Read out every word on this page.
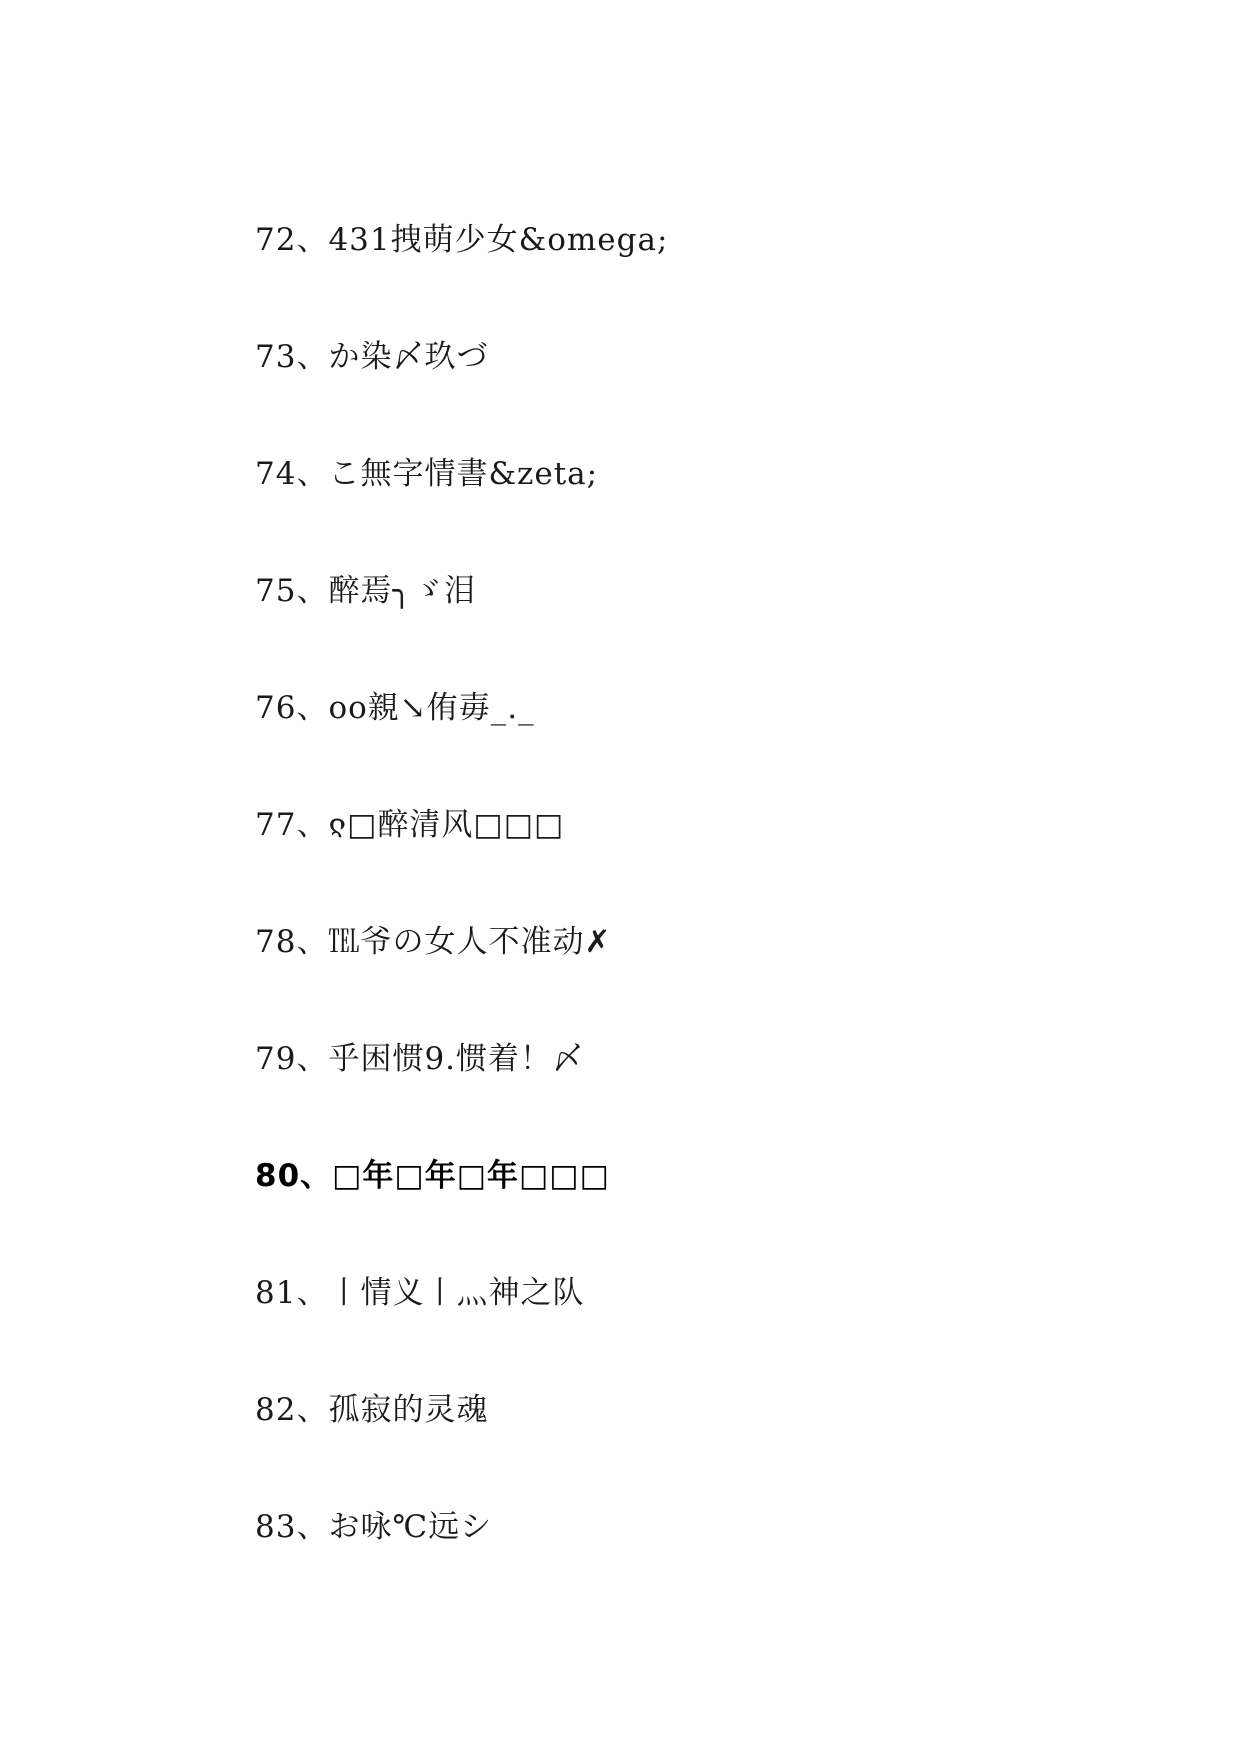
72、431拽萌少女&omega;
73、か染〆玖づ
74、こ無字情書&zeta;
75、醉焉╮ゞ泪
76、oo親↘侑毐_._
77、ჺ□醉清风□□□
78、℡爷の女人不准动✗
79、乎困惯9.惯着！〆
80、□年□年□年□□□
81、丨情义丨灬神之队
82、孤寂的灵魂
83、お咏℃远シ
